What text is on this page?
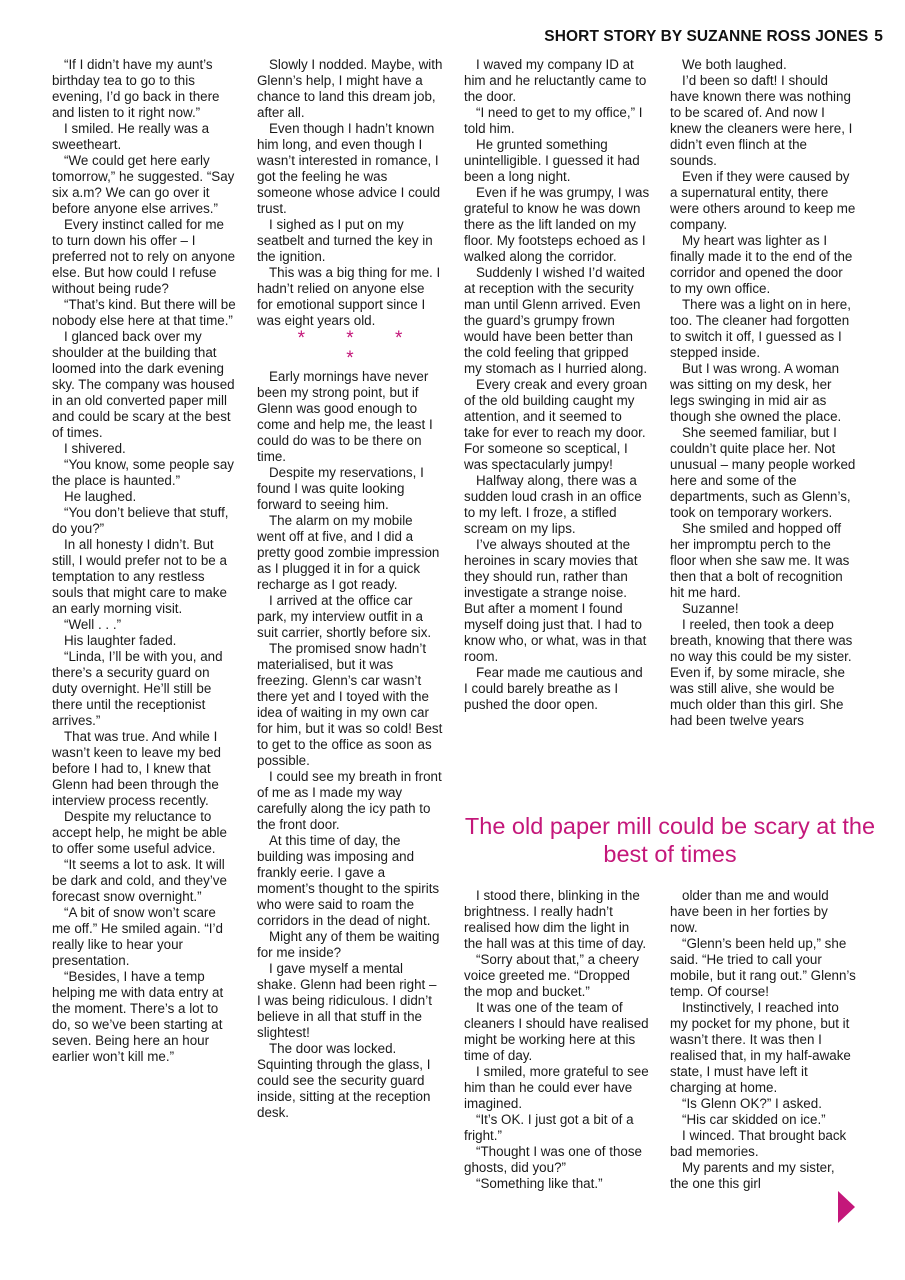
SHORT STORY BY SUZANNE ROSS JONES 5

“If I didn’t have my aunt’s birthday tea to go to this evening, I’d go back in there and listen to it right now.”

I smiled. He really was a sweetheart.

“We could get here early tomorrow,” he suggested. “Say six a.m? We can go over it before anyone else arrives.”

Every instinct called for me to turn down his offer – I preferred not to rely on anyone else. But how could I refuse without being rude?

“That’s kind. But there will be nobody else here at that time.”

I glanced back over my shoulder at the building that loomed into the dark evening sky. The company was housed in an old converted paper mill and could be scary at the best of times.

I shivered.

“You know, some people say the place is haunted.”

He laughed.

“You don’t believe that stuff, do you?”

In all honesty I didn’t. But still, I would prefer not to be a temptation to any restless souls that might care to make an early morning visit.

“Well . . .”

His laughter faded.

“Linda, I’ll be with you, and there’s a security guard on duty overnight. He’ll still be there until the receptionist arrives.”

That was true. And while I wasn’t keen to leave my bed before I had to, I knew that Glenn had been through the interview process recently.

Despite my reluctance to accept help, he might be able to offer some useful advice.

“It seems a lot to ask. It will be dark and cold, and they’ve forecast snow overnight.”

“A bit of snow won’t scare me off.” He smiled again. “I’d really like to hear your presentation.

“Besides, I have a temp helping me with data entry at the moment. There’s a lot to do, so we’ve been starting at seven. Being here an hour earlier won’t kill me.”

Slowly I nodded. Maybe, with Glenn’s help, I might have a chance to land this dream job, after all.

Even though I hadn’t known him long, and even though I wasn’t interested in romance, I got the feeling he was someone whose advice I could trust.

I sighed as I put on my seatbelt and turned the key in the ignition.

This was a big thing for me. I hadn’t relied on anyone else for emotional support since I was eight years old.

* * * *

Early mornings have never been my strong point, but if Glenn was good enough to come and help me, the least I could do was to be there on time.

Despite my reservations, I found I was quite looking forward to seeing him.

The alarm on my mobile went off at five, and I did a pretty good zombie impression as I plugged it in for a quick recharge as I got ready.

I arrived at the office car park, my interview outfit in a suit carrier, shortly before six.

The promised snow hadn’t materialised, but it was freezing. Glenn’s car wasn’t there yet and I toyed with the idea of waiting in my own car for him, but it was so cold! Best to get to the office as soon as possible.

I could see my breath in front of me as I made my way carefully along the icy path to the front door.

At this time of day, the building was imposing and frankly eerie. I gave a moment’s thought to the spirits who were said to roam the corridors in the dead of night.

Might any of them be waiting for me inside?

I gave myself a mental shake. Glenn had been right – I was being ridiculous. I didn’t believe in all that stuff in the slightest!

The door was locked. Squinting through the glass, I could see the security guard inside, sitting at the reception desk.

I waved my company ID at him and he reluctantly came to the door.

“I need to get to my office,” I told him.

He grunted something unintelligible. I guessed it had been a long night.

Even if he was grumpy, I was grateful to know he was down there as the lift landed on my floor. My footsteps echoed as I walked along the corridor.

Suddenly I wished I’d waited at reception with the security man until Glenn arrived. Even the guard’s grumpy frown would have been better than the cold feeling that gripped my stomach as I hurried along.

Every creak and every groan of the old building caught my attention, and it seemed to take for ever to reach my door. For someone so sceptical, I was spectacularly jumpy!

Halfway along, there was a sudden loud crash in an office to my left. I froze, a stifled scream on my lips.

I’ve always shouted at the heroines in scary movies that they should run, rather than investigate a strange noise. But after a moment I found myself doing just that. I had to know who, or what, was in that room.

Fear made me cautious and I could barely breathe as I pushed the door open.

We both laughed.

I’d been so daft! I should have known there was nothing to be scared of. And now I knew the cleaners were here, I didn’t even flinch at the sounds.

Even if they were caused by a supernatural entity, there were others around to keep me company.

My heart was lighter as I finally made it to the end of the corridor and opened the door to my own office.

There was a light on in here, too. The cleaner had forgotten to switch it off, I guessed as I stepped inside.

But I was wrong. A woman was sitting on my desk, her legs swinging in mid air as though she owned the place.

She seemed familiar, but I couldn’t quite place her. Not unusual – many people worked here and some of the departments, such as Glenn’s, took on temporary workers.

She smiled and hopped off her impromptu perch to the floor when she saw me. It was then that a bolt of recognition hit me hard.

Suzanne!

I reeled, then took a deep breath, knowing that there was no way this could be my sister. Even if, by some miracle, she was still alive, she would be much older than this girl. She had been twelve years

The old paper mill could be scary at the best of times

I stood there, blinking in the brightness. I really hadn’t realised how dim the light in the hall was at this time of day.

“Sorry about that,” a cheery voice greeted me. “Dropped the mop and bucket.”

It was one of the team of cleaners I should have realised might be working here at this time of day.

I smiled, more grateful to see him than he could ever have imagined.

“It’s OK. I just got a bit of a fright.”

“Thought I was one of those ghosts, did you?”

“Something like that.”

older than me and would have been in her forties by now.

“Glenn’s been held up,” she said. “He tried to call your mobile, but it rang out.” Glenn’s temp. Of course!

Instinctively, I reached into my pocket for my phone, but it wasn’t there. It was then I realised that, in my half-awake state, I must have left it charging at home.

“Is Glenn OK?” I asked.

“His car skidded on ice.”

I winced. That brought back bad memories.

My parents and my sister, the one this girl
